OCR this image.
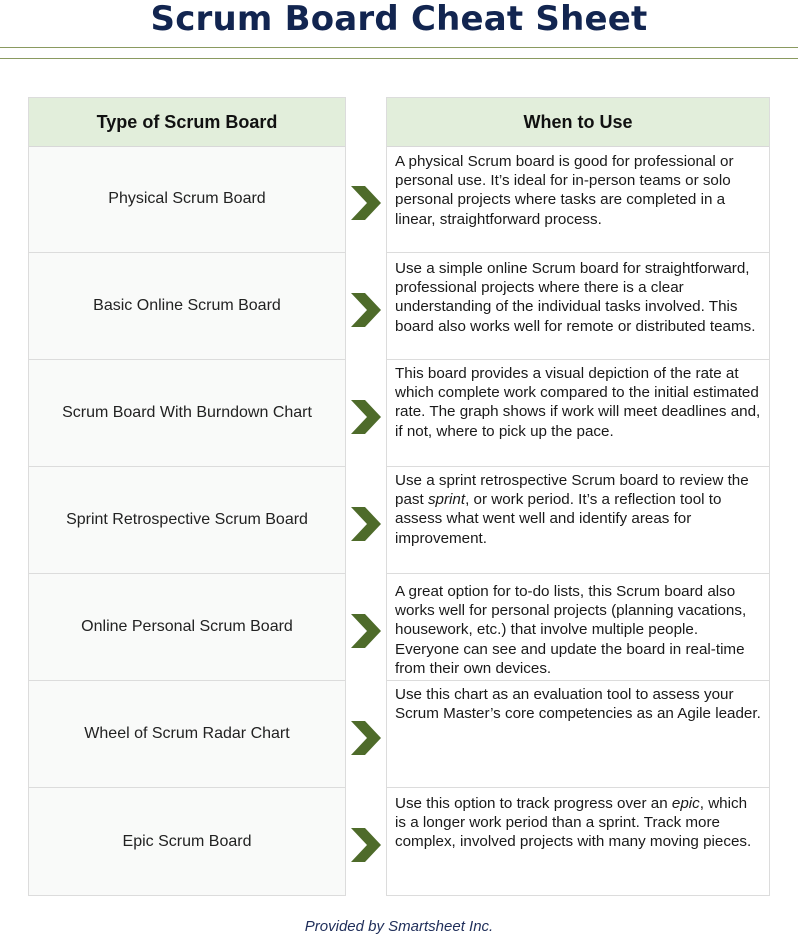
Scrum Board Cheat Sheet
Type of Scrum Board
Physical Scrum Board
Basic Online Scrum Board
Scrum Board With Burndown Chart
Sprint Retrospective Scrum Board
Online Personal Scrum Board
Wheel of Scrum Radar Chart
Epic Scrum Board
When to Use
A physical Scrum board is good for professional or personal use. It’s ideal for in-person teams or solo personal projects where tasks are completed in a linear, straightforward process.
Use a simple online Scrum board for straightforward, professional projects where there is a clear understanding of the individual tasks involved. This board also works well for remote or distributed teams.
This board provides a visual depiction of the rate at which complete work compared to the initial estimated rate. The graph shows if work will meet deadlines and, if not, where to pick up the pace.
Use a sprint retrospective Scrum board to review the past sprint, or work period. It’s a reflection tool to assess what went well and identify areas for improvement.
A great option for to-do lists, this Scrum board also works well for personal projects (planning vacations, housework, etc.) that involve multiple people. Everyone can see and update the board in real-time from their own devices.
Use this chart as an evaluation tool to assess your Scrum Master’s core competencies as an Agile leader.
Use this option to track progress over an epic, which is a longer work period than a sprint. Track more complex, involved projects with many moving pieces.
Provided by Smartsheet Inc.
